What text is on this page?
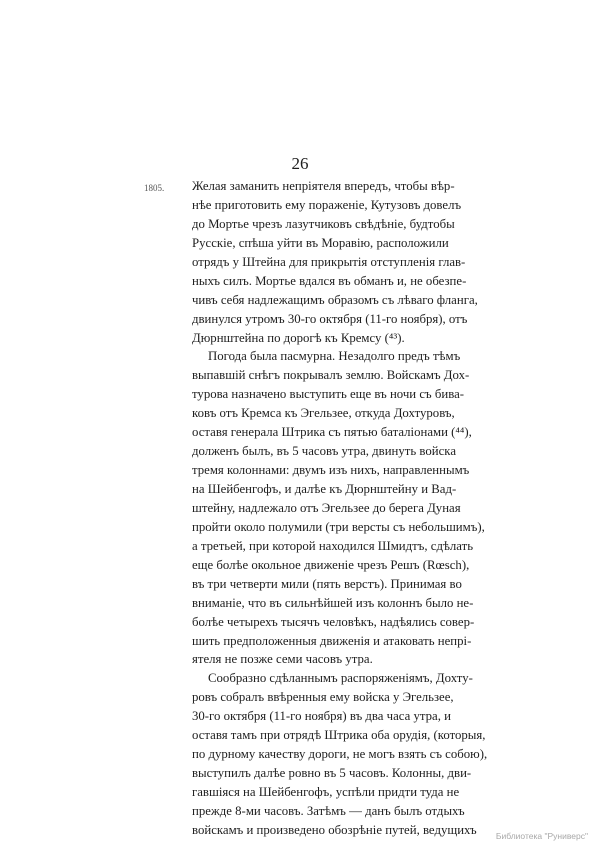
26
1805. Желая заманить непріятеля впередъ, чтобы вѣр-
нѣе приготовить ему пораженіе, Кутузовъ довелъ
до Мортье чрезъ лазутчиковъ свѣдѣніе, будтобы
Русскіе, спѣша уйти въ Моравію, расположили
отрядъ у Штейна для прикрытія отступленія глав-
ныхъ силъ. Мортье вдался въ обманъ и, не обезпе-
чивъ себя надлежащимъ образомъ съ лѣваго фланга,
двинулся утромъ 30-го октября (11-го ноября), отъ
Дюрнштейна по дорогѣ къ Кремсу (⁴³).
Погода была пасмурна. Незадолго предъ тѣмъ
выпавшій снѣгъ покрывалъ землю. Войскамъ Дох-
турова назначено выступить еще въ ночи съ бива-
ковъ отъ Кремса къ Эгельзее, откуда Дохтуровъ,
оставя генерала Штрика съ пятью баталіонами (⁴⁴),
долженъ былъ, въ 5 часовъ утра, двинуть войска
тремя колоннами: двумъ изъ нихъ, направленнымъ
на Шейбенгофъ, и далѣе къ Дюрнштейну и Вад-
штейну, надлежало отъ Эгельзее до берега Дуная
пройти около полумили (три версты съ небольшимъ),
а третьей, при которой находился Шмидтъ, сдѣлать
еще болѣе окольное движеніе чрезъ Решъ (Rœsch),
въ три четверти мили (пять верстъ). Принимая во
вниманіе, что въ сильнѣйшей изъ колоннъ было не-
болѣе четырехъ тысячъ человѣкъ, надѣялись совер-
шить предположенныя движенія и атаковать непрі-
ятеля не позже семи часовъ утра.
Сообразно сдѣланнымъ распоряженіямъ, Дохту-
ровъ собралъ ввѣренныя ему войска у Эгельзее,
30-го октября (11-го ноября) въ два часа утра, и
оставя тамъ при отрядѣ Штрика оба орудія, (которыя,
по дурному качеству дороги, не могъ взять съ собою),
выступилъ далѣе ровно въ 5 часовъ. Колонны, дви-
гавшіяся на Шейбенгофъ, успѣли придти туда не
прежде 8-ми часовъ. Затѣмъ — данъ былъ отдыхъ
войскамъ и произведено обозрѣніе путей, ведущихъ Библиотека "Руниверс"
